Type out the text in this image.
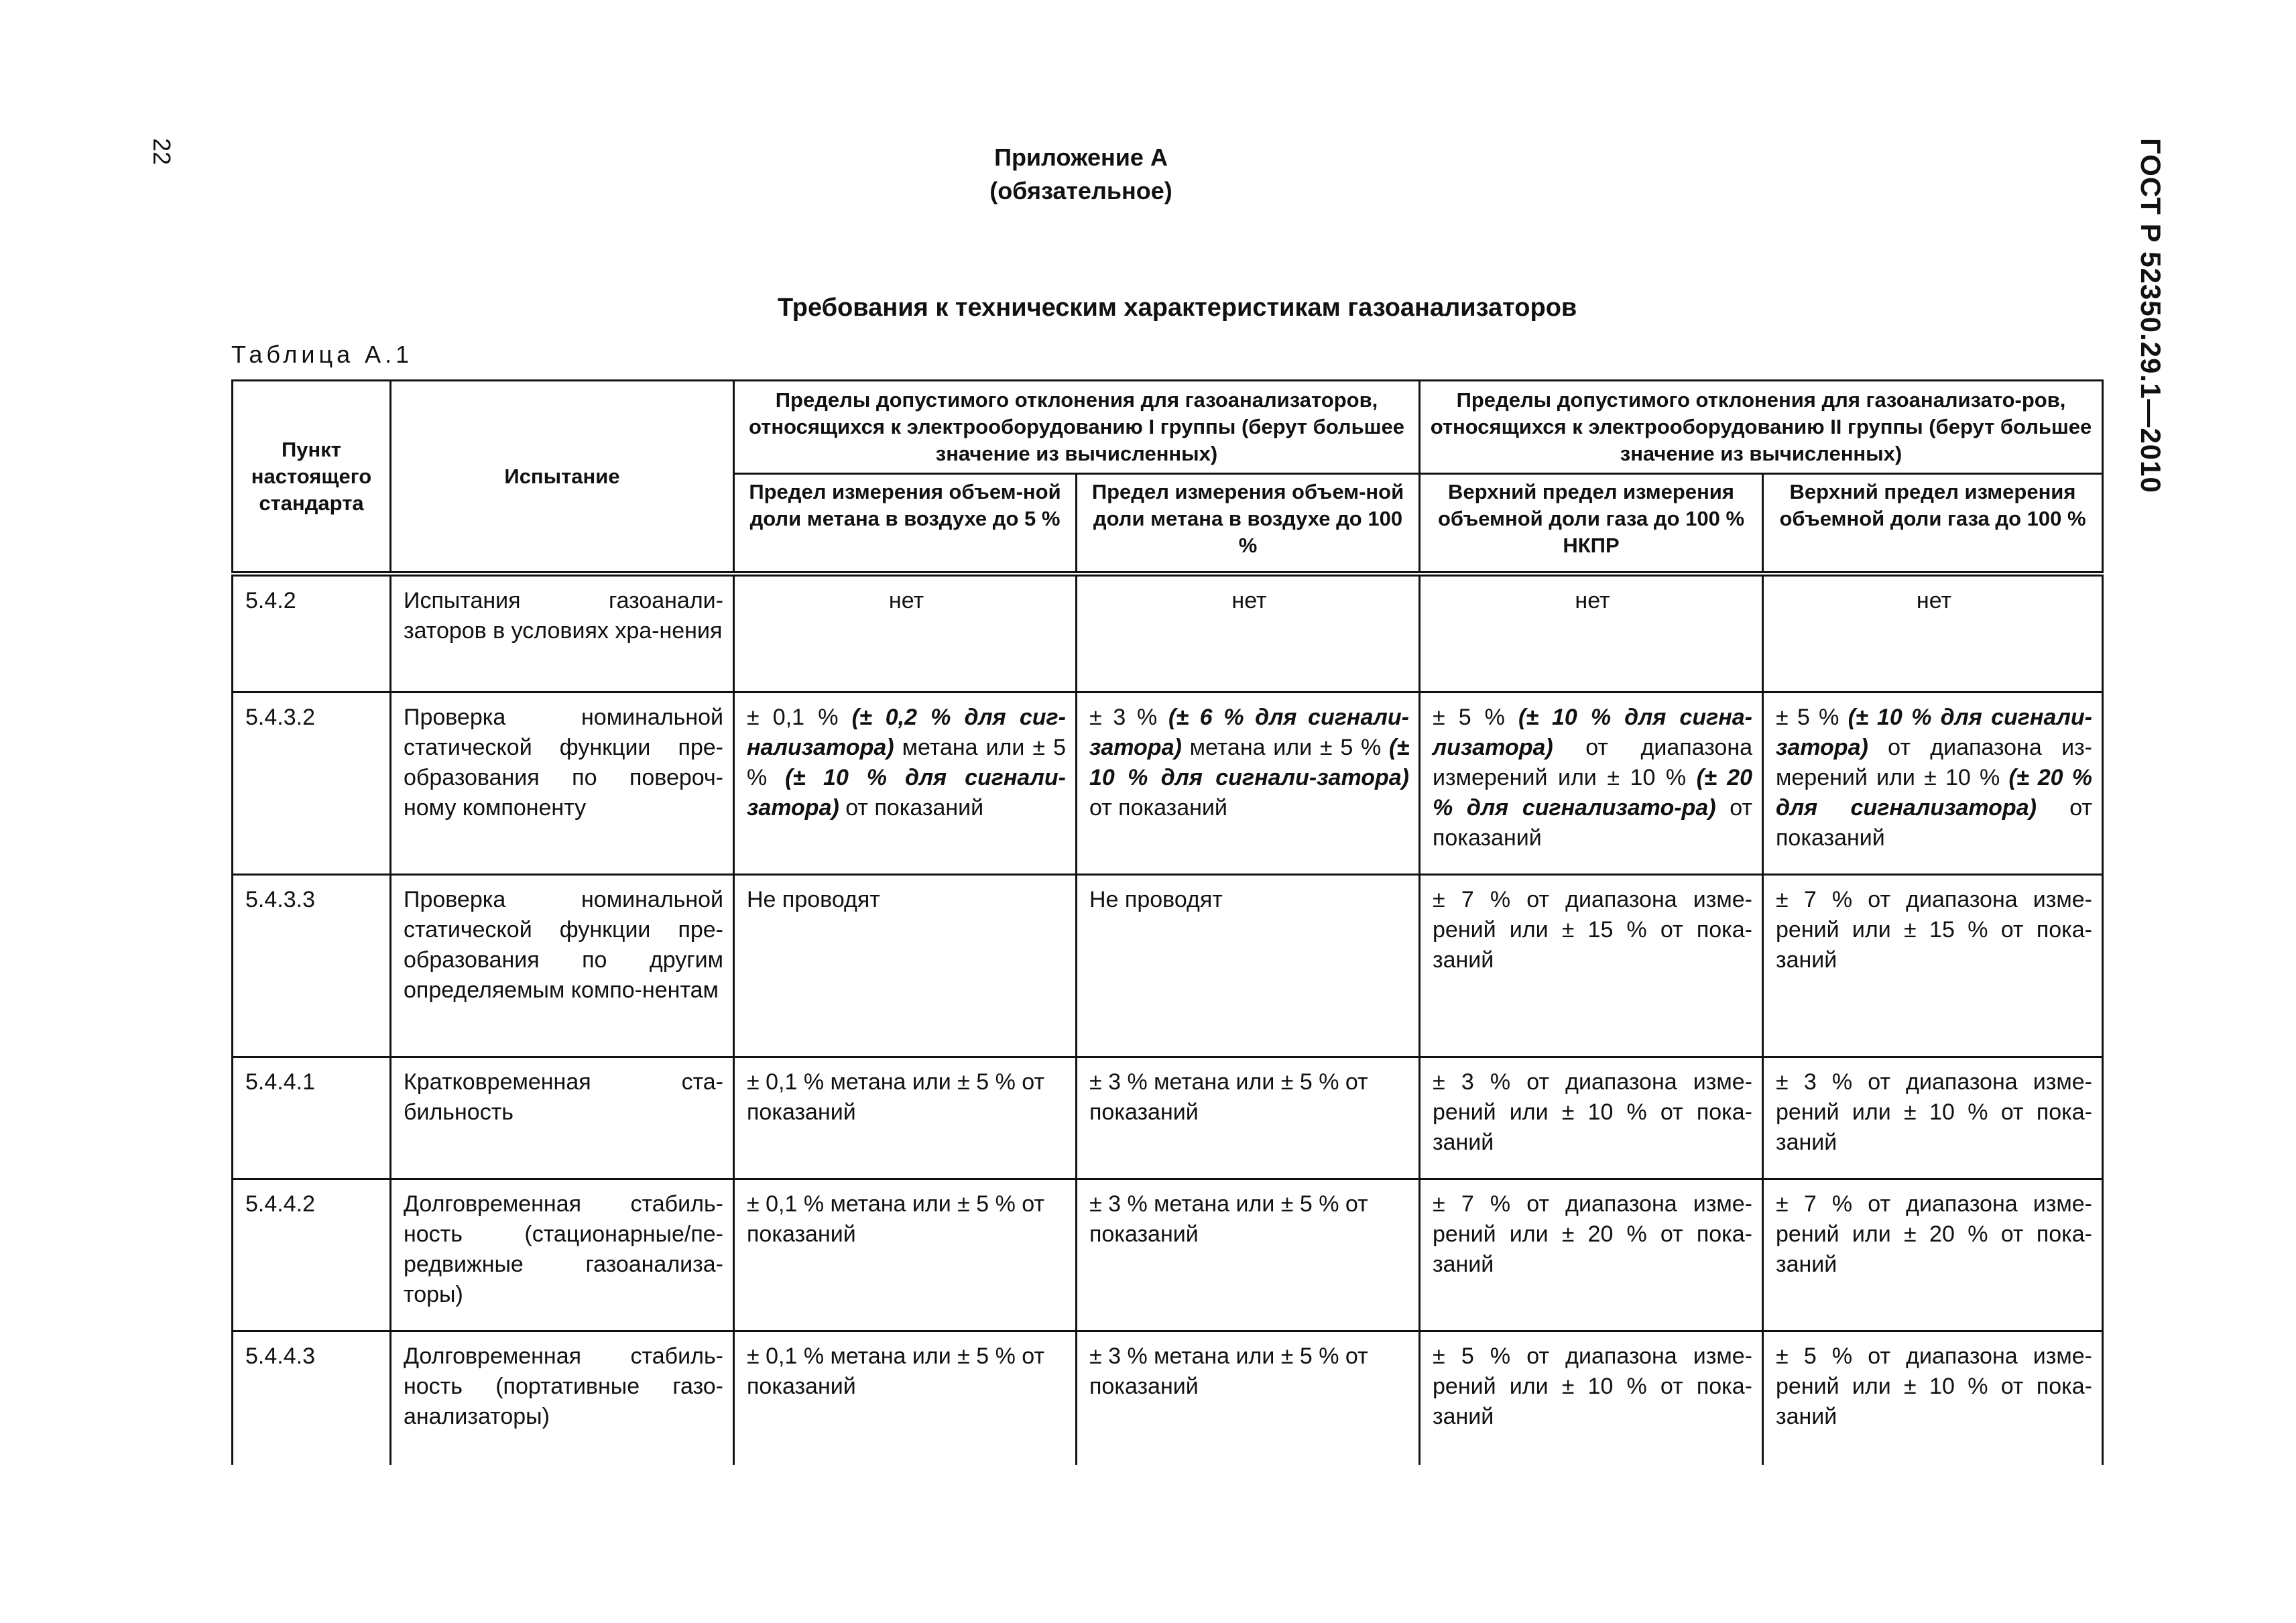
22	ГОСТ Р 52350.29.1—2010
Приложение А
(обязательное)
Требования к техническим характеристикам газоанализаторов
Таблица А.1
Пункт настоящего стандарта	Испытание	Пределы допустимого отклонения для газоанализаторов, относящихся к электрооборудованию I группы (берут большее значение из вычисленных)		Пределы допустимого отклонения для газоанализато-ров, относящихся к электрооборудованию II группы (берут большее значение из вычисленных)	
		Предел измерения объем-ной доли метана в воздухе до 5 %	Предел измерения объем-ной доли метана в воздухе до 100 %	Верхний предел измерения объемной доли газа до 100 % НКПР	Верхний предел измерения объемной доли газа до 100 %
5.4.2	Испытания газоанали-заторов в условиях хра-нения	нет	нет	нет	нет
5.4.3.2	Проверка номинальной статической функции пре-образования по повероч-ному компоненту	± 0,1 % (± 0,2 % для сиг-нализатора) метана или ± 5 % (± 10 % для сигнали-затора) от показаний	± 3 % (± 6 % для сигнали-затора) метана или ± 5 % (± 10 % для сигнали-затора) от показаний	± 5 % (± 10 % для сигна-лизатора) от диапазона измерений или ± 10 % (± 20 % для сигнализато-ра) от показаний	± 5 % (± 10 % для сигнали-затора) от диапазона из-мерений или ± 10 % (± 20 % для сигнализатора) от показаний
5.4.3.3	Проверка номинальной статической функции пре-образования по другим определяемым компо-нентам	Не проводят	Не проводят	± 7 % от диапазона изме-рений или ± 15 % от пока-заний	± 7 % от диапазона изме-рений или ± 15 % от пока-заний
5.4.4.1	Кратковременная ста-бильность	± 0,1 % метана или ± 5 % от показаний	± 3 % метана или ± 5 % от показаний	± 3 % от диапазона изме-рений или ± 10 % от пока-заний	± 3 % от диапазона изме-рений или ± 10 % от пока-заний
5.4.4.2	Долговременная стабиль-ность (стационарные/пе-редвижные газоанализа-торы)	± 0,1 % метана или ± 5 % от показаний	± 3 % метана или ± 5 % от показаний	± 7 % от диапазона изме-рений или ± 20 % от пока-заний	± 7 % от диапазона изме-рений или ± 20 % от пока-заний
5.4.4.3	Долговременная стабиль-ность (портативные газо-анализаторы)	± 0,1 % метана или ± 5 % от показаний	± 3 % метана или ± 5 % от показаний	± 5 % от диапазона изме-рений или ± 10 % от пока-заний	± 5 % от диапазона изме-рений или ± 10 % от пока-заний
